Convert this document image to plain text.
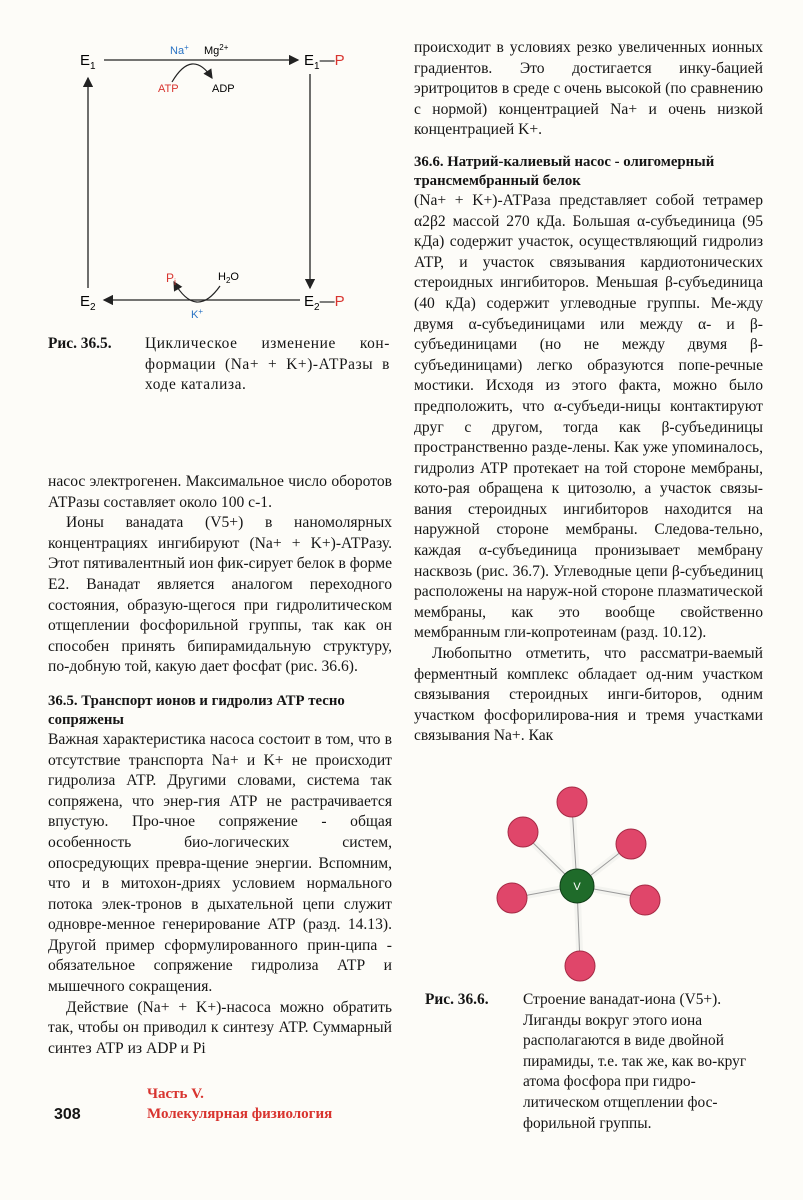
$E_1$	$E_1—P$
$E_2$	$E_2—P$
Na+ $Mg^{2+}$
ATP	ADP
$P_i$	$H_2O$
K+
Рис. 36.5. Циклическое изменение кон-формации (Na+ + K+)-АТРазы в ходе катализа.

насос электрогенен. Максимальное число оборотов АТРазы составляет около 100 с-1.

Ионы ванадата (V5+) в наномолярных концентрациях ингибируют (Na+ + K+)-АТРазу. Этот пятивалентный ион фик-сирует белок в форме E2. Ванадат является аналогом переходного состояния, образую-щегося при гидролитическом отщеплении фосфорильной группы, так как он способен принять бипирамидальную структуру, по-добную той, какую дает фосфат (рис. 36.6).

36.5. Транспорт ионов и гидролиз АТР тесно сопряжены

Важная характеристика насоса состоит в том, что в отсутствие транспорта Na+ и K+ не происходит гидролиза АТР. Другими словами, система так сопряжена, что энер-гия АТР не растрачивается впустую. Про-чное сопряжение - общая особенность био-логических систем, опосредующих превра-щение энергии. Вспомним, что и в митохон-дриях условием нормального потока элек-тронов в дыхательной цепи служит одновре-менное генерирование АТР (разд. 14.13). Другой пример сформулированного прин-ципа - обязательное сопряжение гидролиза АТР и мышечного сокращения.

Действие (Na+ + K+)-насоса можно обратить так, чтобы он приводил к синтезу АТР. Суммарный синтез АТР из ADP и Pi

происходит в условиях резко увеличенных ионных градиентов. Это достигается инку-бацией эритроцитов в среде с очень высокой (по сравнению с нормой) концентрацией Na+ и очень низкой концентрацией K+.

36.6. Натрий-калиевый насос - олигомерный трансмембранный белок

(Na+ + K+)-АТРаза представляет собой тетрамер α2β2 массой 270 кДа. Большая α-субъединица (95 кДа) содержит участок, осуществляющий гидролиз АТР, и участок связывания кардиотонических стероидных ингибиторов. Меньшая β-субъединица (40 кДа) содержит углеводные группы. Ме-жду двумя α-субъединицами или между α- и β-субъединицами (но не между двумя β-субъединицами) легко образуются попе-речные мостики. Исходя из этого факта, можно было предположить, что α-субъеди-ницы контактируют друг с другом, тогда как β-субъединицы пространственно разде-лены. Как уже упоминалось, гидролиз АТР протекает на той стороне мембраны, кото-рая обращена к цитозолю, а участок связы-вания стероидных ингибиторов находится на наружной стороне мембраны. Следова-тельно, каждая α-субъединица пронизывает мембрану насквозь (рис. 36.7). Углеводные цепи β-субъединиц расположены на наруж-ной стороне плазматической мембраны, как это вообще свойственно мембранным гли-копротеинам (разд. 10.12).

Любопытно отметить, что рассматри-ваемый ферментный комплекс обладает од-ним участком связывания стероидных инги-биторов, одним участком фосфорилирова-ния и тремя участками связывания Na+. Как

V
Рис. 36.6. Строение ванадат-иона (V5+). Лиганды вокруг этого иона располагаются в виде двойной пирамиды, т.е. так же, как во-круг атома фосфора при гидро-литическом отщеплении фос-форильной группы.
308
Часть V.
Молекулярная физиология
